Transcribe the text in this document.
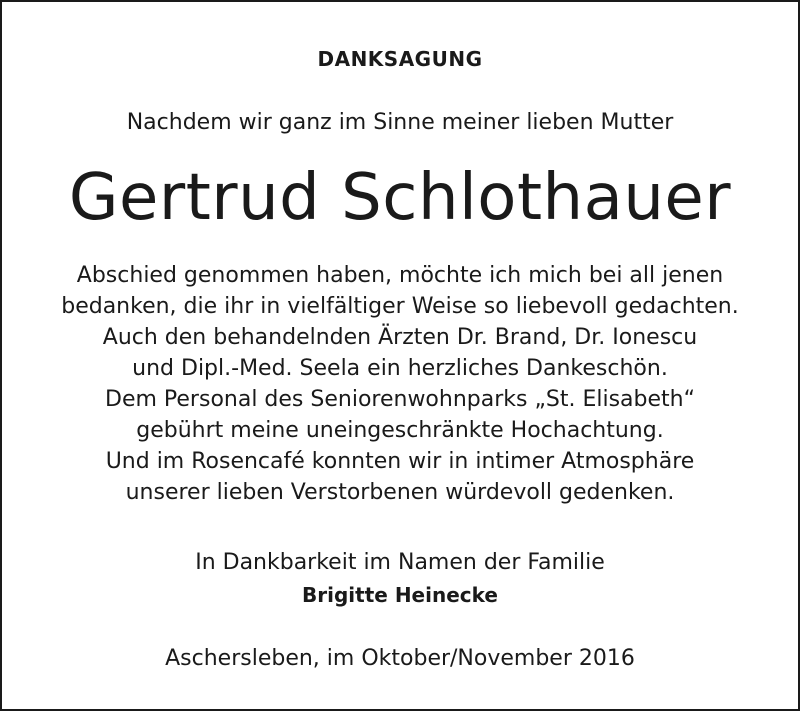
DANKSAGUNG
Nachdem wir ganz im Sinne meiner lieben Mutter
Gertrud Schlothauer
Abschied genommen haben, möchte ich mich bei all jenen
bedanken, die ihr in vielfältiger Weise so liebevoll gedachten.
Auch den behandelnden Ärzten Dr. Brand, Dr. Ionescu
und Dipl.-Med. Seela ein herzliches Dankeschön.
Dem Personal des Seniorenwohnparks „St. Elisabeth“
gebührt meine uneingeschränkte Hochachtung.
Und im Rosencafé konnten wir in intimer Atmosphäre
unserer lieben Verstorbenen würdevoll gedenken.
In Dankbarkeit im Namen der Familie
Brigitte Heinecke
Aschersleben, im Oktober/November 2016
